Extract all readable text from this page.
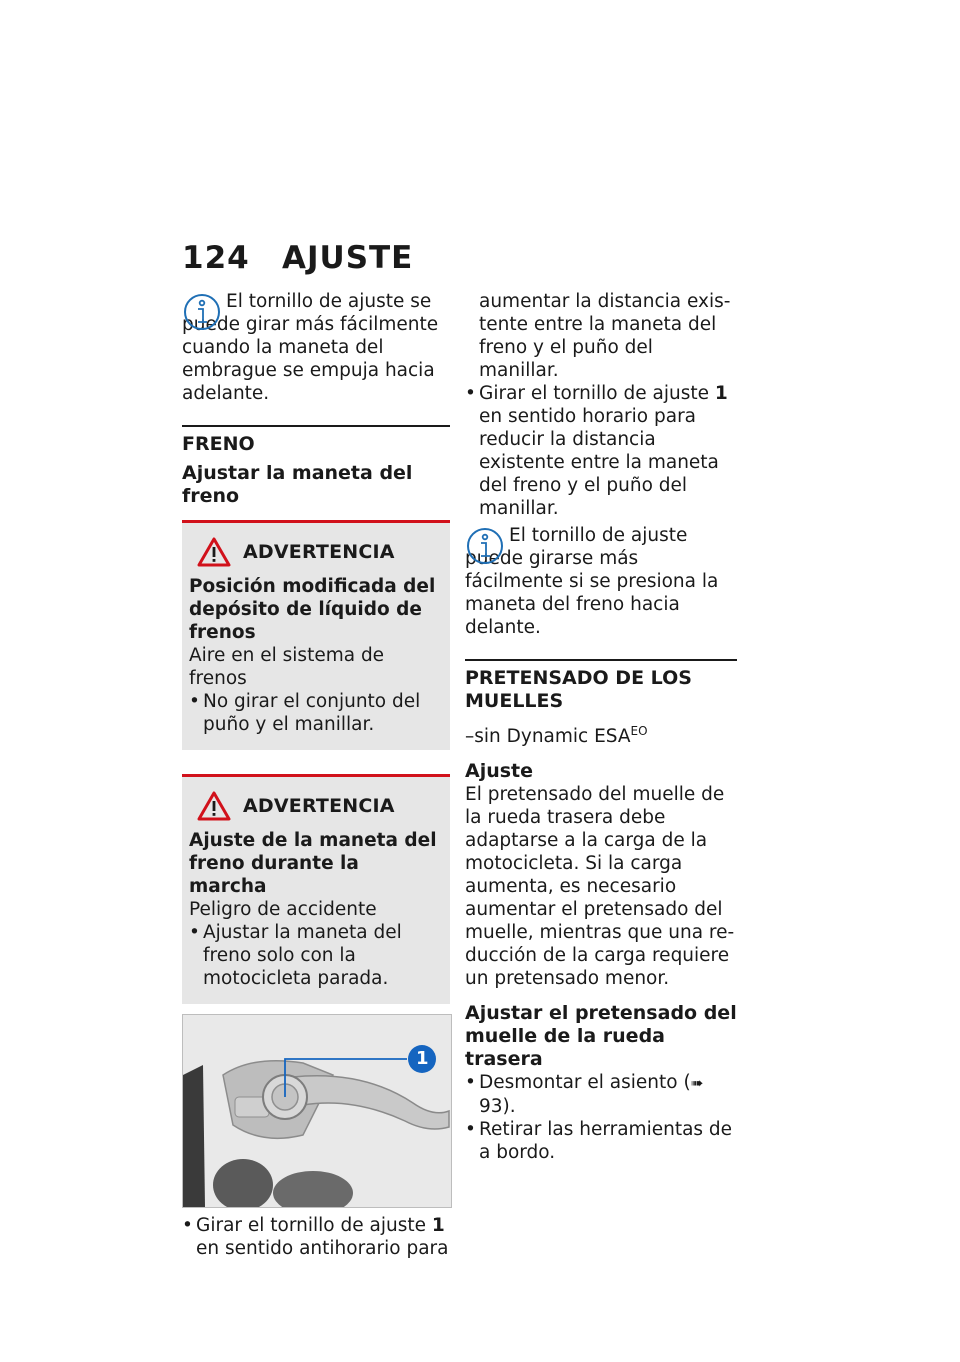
124 AJUSTE

El tornillo de ajuste se puede girar más fácilmente cuando la maneta del embrague se empuja hacia adelante.

FRENO

Ajustar la maneta del freno

ADVERTENCIA

Posición modificada del depósito de líquido de frenos

Aire en el sistema de frenos

• No girar el conjunto del puño y el manillar.
ADVERTENCIA

Ajuste de la maneta del freno durante la marcha

Peligro de accidente

• Ajustar la maneta del freno solo con la motocicleta parada.
1
• Girar el tornillo de ajuste 1 en sentido antihorario para

aumentar la distancia existente entre la maneta del freno y el puño del manillar.

• Girar el tornillo de ajuste 1 en sentido horario para reducir la distancia existente entre la maneta del freno y el puño del manillar.

El tornillo de ajuste puede girarse más fácilmente si se presiona la maneta del freno hacia delante.

PRETENSADO DE LOS MUELLES

–sin Dynamic $ESA^{EO}$

Ajuste

El pretensado del muelle de la rueda trasera debe adaptarse a la carga de la motocicleta. Si la carga aumenta, es necesario aumentar el pretensado del muelle, mientras que una reducción de la carga requiere un pretensado menor.

Ajustar el pretensado del muelle de la rueda trasera

• Desmontar el asiento (➠ 93).
• Retirar las herramientas de a bordo.
